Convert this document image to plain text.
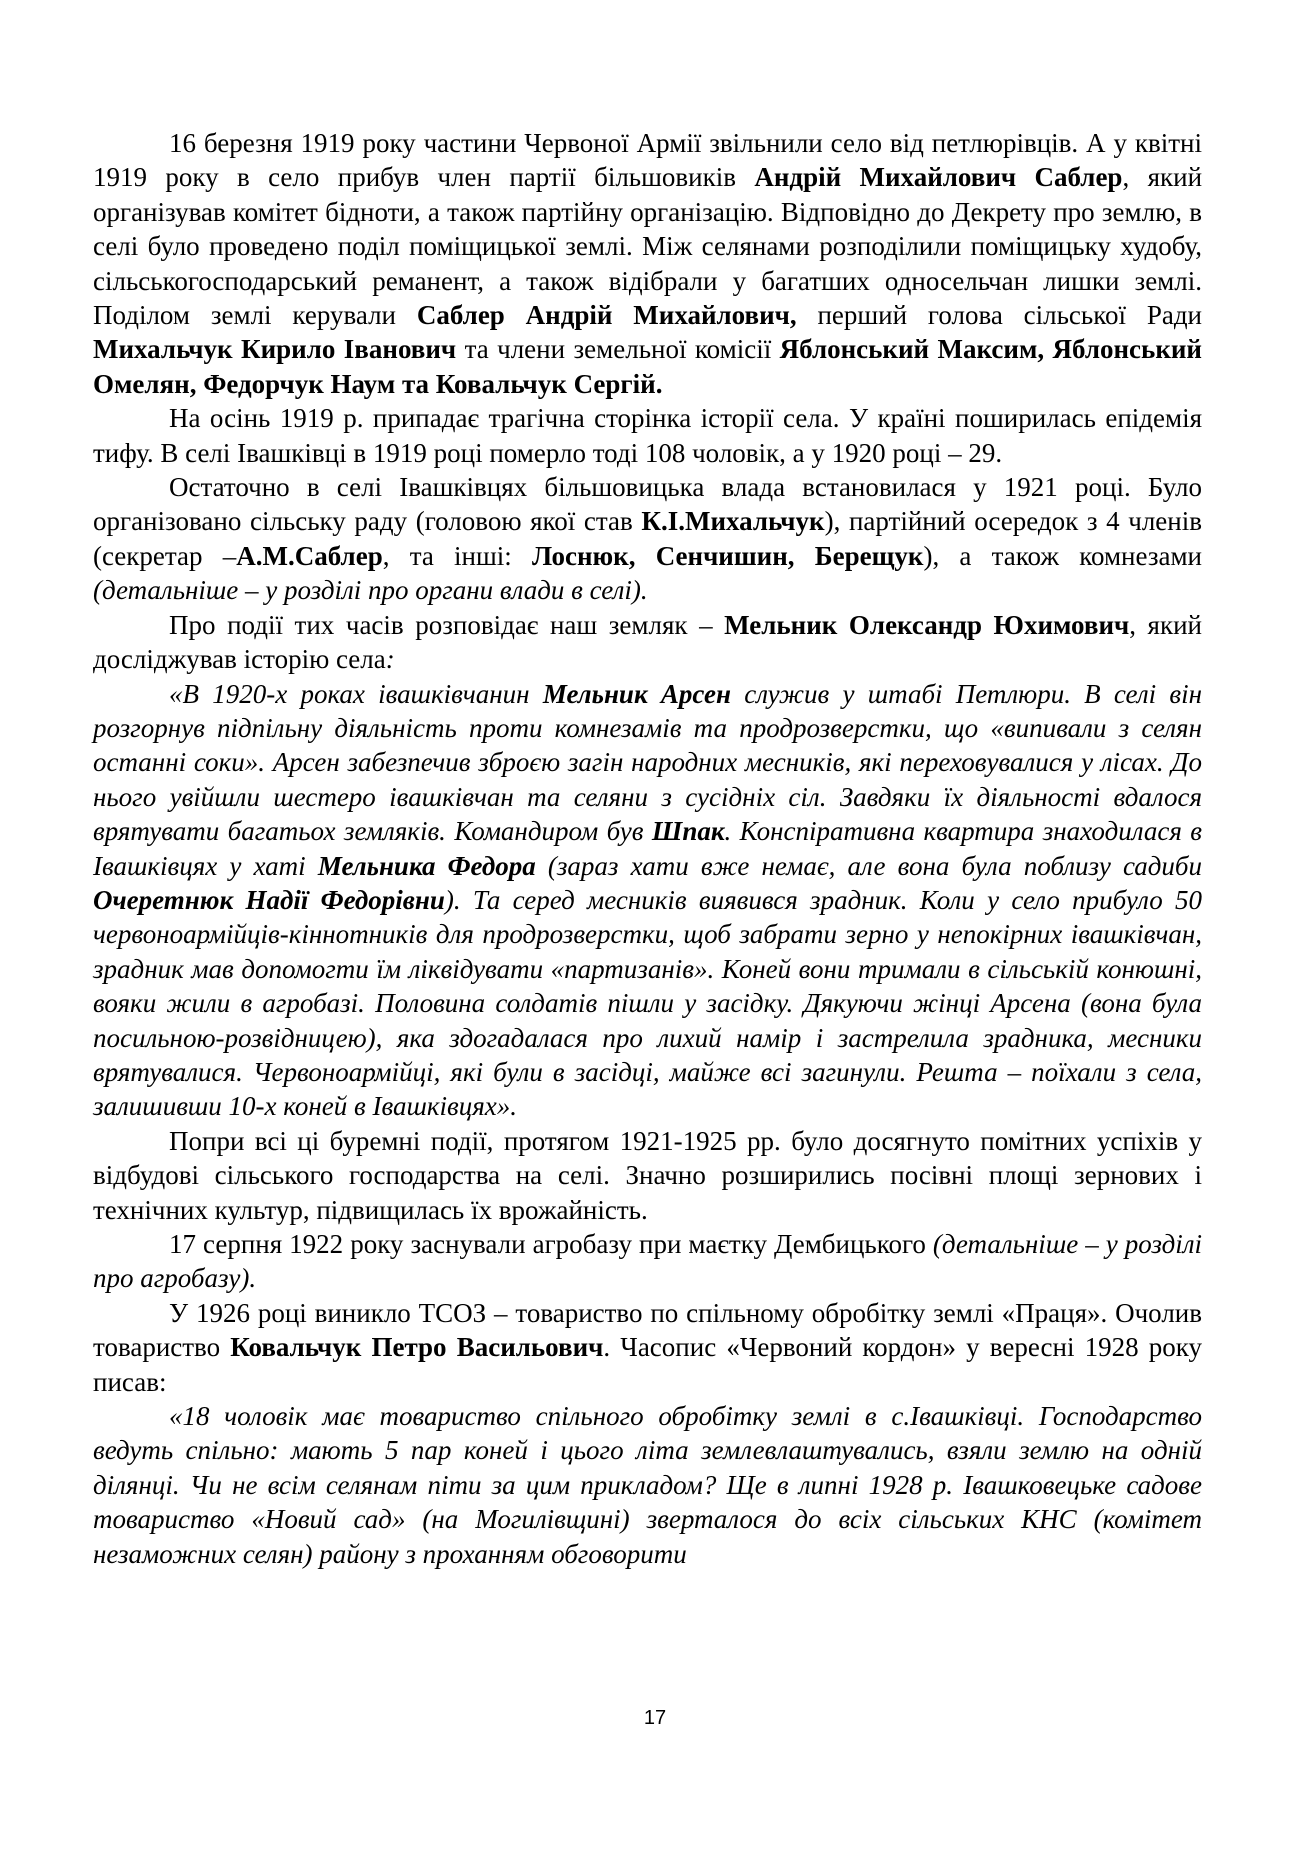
16 березня 1919 року частини Червоної Армії звільнили село від петлюрівців. А у квітні 1919 року в село прибув член партії більшовиків Андрій Михайлович Саблер, який організував комітет бідноти, а також партійну організацію. Відповідно до Декрету про землю, в селі було проведено поділ поміщицької землі. Між селянами розподілили поміщицьку худобу, сільськогосподарський реманент, а також відібрали у багатших односельчан лишки землі. Поділом землі керували Саблер Андрій Михайлович, перший голова сільської Ради Михальчук Кирило Іванович та члени земельної комісії Яблонський Максим, Яблонський Омелян, Федорчук Наум та Ковальчук Сергій.

На осінь 1919 р. припадає трагічна сторінка історії села. У країні поширилась епідемія тифу. В селі Івашківці в 1919 році померло тоді 108 чоловік, а у 1920 році – 29.

Остаточно в селі Івашківцях більшовицька влада встановилася у 1921 році. Було організовано сільську раду (головою якої став К.І.Михальчук), партійний осередок з 4 членів (секретар –А.М.Саблер, та інші: Лоснюк, Сенчишин, Берещук), а також комнезами (детальніше – у розділі про органи влади в селі).

Про події тих часів розповідає наш земляк – Мельник Олександр Юхимович, який досліджував історію села:

«В 1920-х роках івашківчанин Мельник Арсен служив у штабі Петлюри. В селі він розгорнув підпільну діяльність проти комнезамів та продрозверстки, що «випивали з селян останні соки». Арсен забезпечив зброєю загін народних месників, які переховувалися у лісах. До нього увійшли шестеро івашківчан та селяни з сусідніх сіл. Завдяки їх діяльності вдалося врятувати багатьох земляків. Командиром був Шпак. Конспіративна квартира знаходилася в Івашківцях у хаті Мельника Федора (зараз хати вже немає, але вона була поблизу садиби Очеретнюк Надії Федорівни). Та серед месників виявився зрадник. Коли у село прибуло 50 червоноармійців-кіннотників для продрозверстки, щоб забрати зерно у непокірних івашківчан, зрадник мав допомогти їм ліквідувати «партизанів». Коней вони тримали в сільській конюшні, вояки жили в агробазі. Половина солдатів пішли у засідку. Дякуючи жінці Арсена (вона була посильною-розвідницею), яка здогадалася про лихий намір і застрелила зрадника, месники врятувалися. Червоноармійці, які були в засідці, майже всі загинули. Решта – поїхали з села, залишивши 10-х коней в Івашківцях».

Попри всі ці буремні події, протягом 1921-1925 рр. було досягнуто помітних успіхів у відбудові сільського господарства на селі. Значно розширились посівні площі зернових і технічних культур, підвищилась їх врожайність.

17 серпня 1922 року заснували агробазу при маєтку Дембицького (детальніше – у розділі про агробазу).

У 1926 році виникло ТСОЗ – товариство по спільному обробітку землі «Праця». Очолив товариство Ковальчук Петро Васильович. Часопис «Червоний кордон» у вересні 1928 року писав:

«18 чоловік має товариство спільного обробітку землі в с.Івашківці. Господарство ведуть спільно: мають 5 пар коней і цього літа землевлаштувались, взяли землю на одній ділянці. Чи не всім селянам піти за цим прикладом? Ще в липні 1928 р. Івашковецьке садове товариство «Новий сад» (на Могилівщині) зверталося до всіх сільських КНС (комітет незаможних селян) району з проханням обговорити

17
